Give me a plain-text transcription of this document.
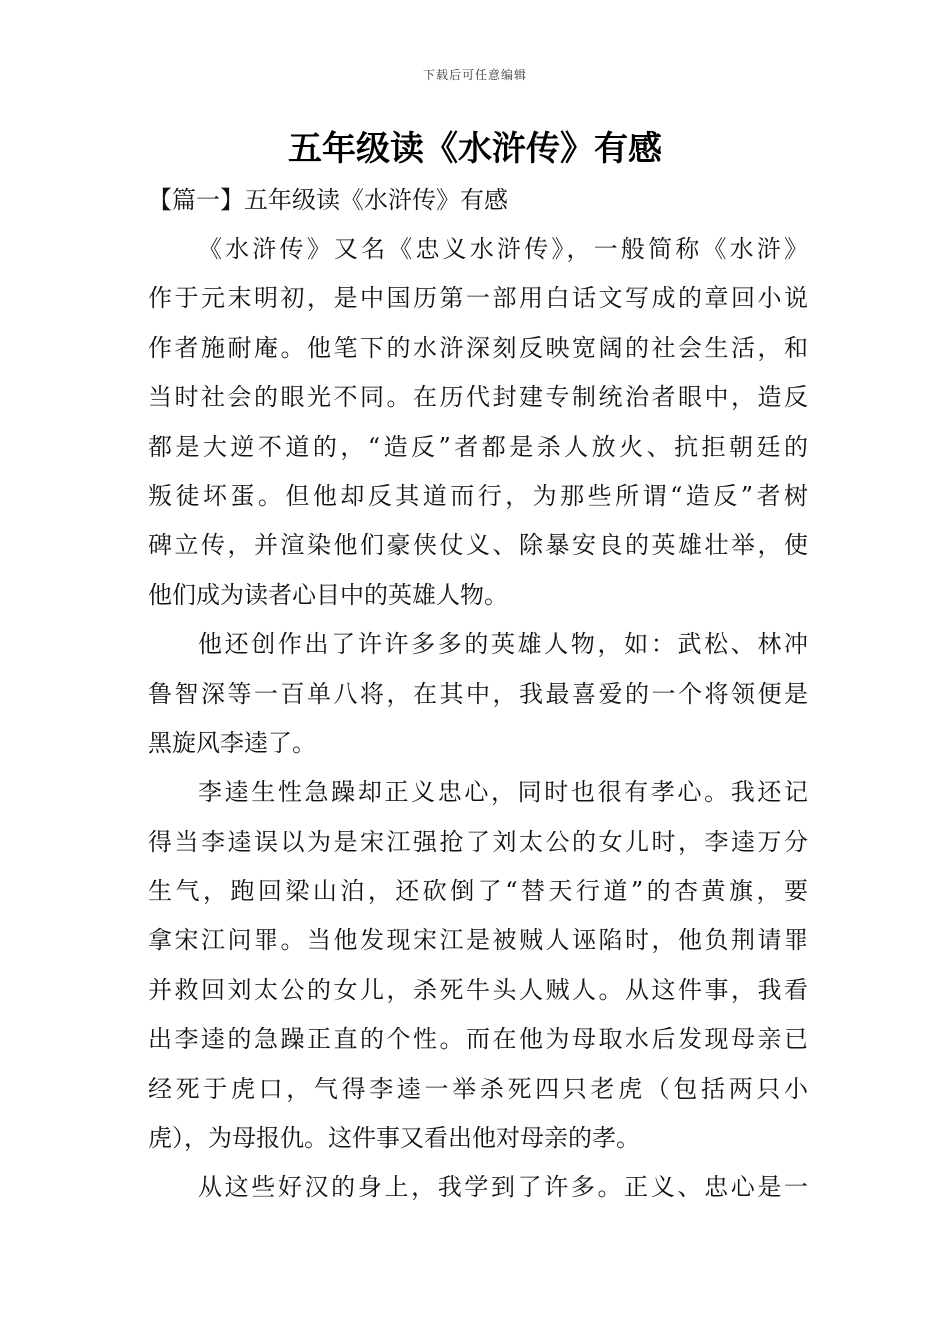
下载后可任意编辑
五年级读《水浒传》有感
【篇一】五年级读《水浒传》有感
《水浒传》又名《忠义水浒传》，一般简称《水浒》
作于元末明初，是中国历第一部用白话文写成的章回小说
作者施耐庵。他笔下的水浒深刻反映宽阔的社会生活，和
当时社会的眼光不同。在历代封建专制统治者眼中，造反
都是大逆不道的，“造反”者都是杀人放火、抗拒朝廷的
叛徒坏蛋。但他却反其道而行，为那些所谓“造反”者树
碑立传，并渲染他们豪侠仗义、除暴安良的英雄壮举，使
他们成为读者心目中的英雄人物。
他还创作出了许许多多的英雄人物，如：武松、林冲
鲁智深等一百单八将，在其中，我最喜爱的一个将领便是
黑旋风李逵了。
李逵生性急躁却正义忠心，同时也很有孝心。我还记
得当李逵误以为是宋江强抢了刘太公的女儿时，李逵万分
生气，跑回梁山泊，还砍倒了“替天行道”的杏黄旗，要
拿宋江问罪。当他发现宋江是被贼人诬陷时，他负荆请罪
并救回刘太公的女儿，杀死牛头人贼人。从这件事，我看
出李逵的急躁正直的个性。而在他为母取水后发现母亲已
经死于虎口，气得李逵一举杀死四只老虎（包括两只小
虎），为母报仇。这件事又看出他对母亲的孝。
从这些好汉的身上，我学到了许多。正义、忠心是一
